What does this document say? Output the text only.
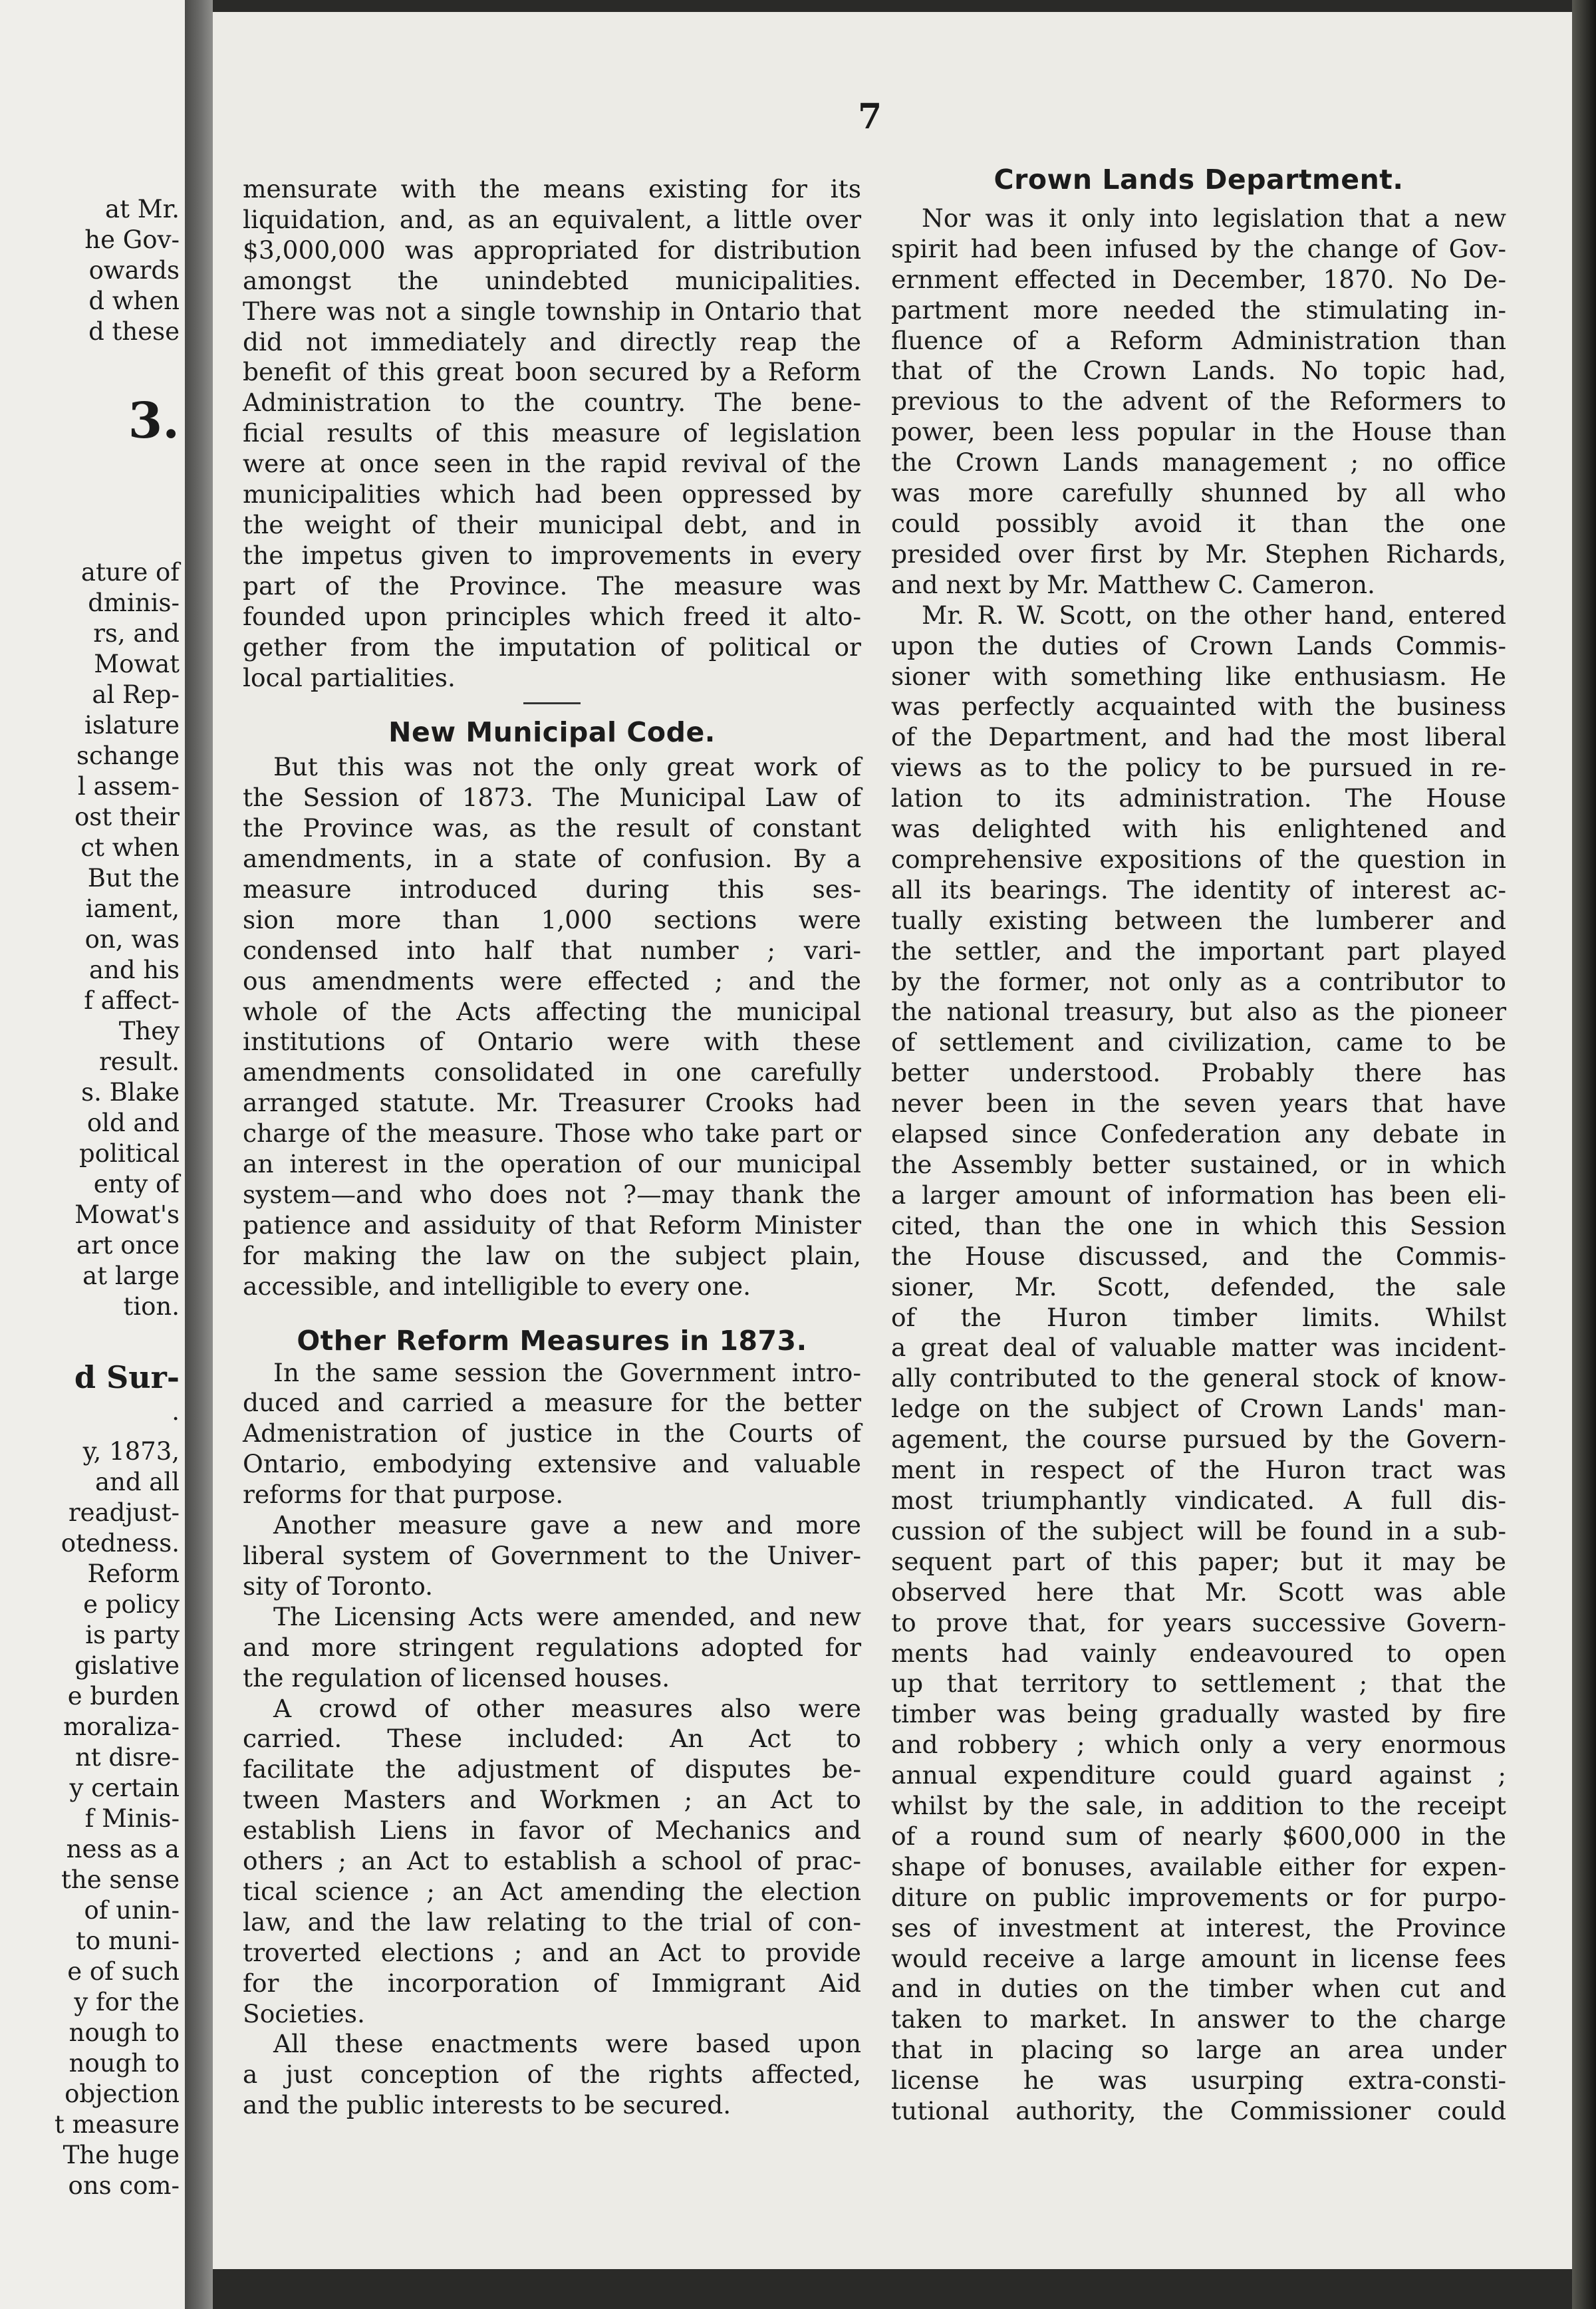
at Mr.
he Gov-
owards
d when
d these
3.
ature of
dminis-
rs, and
Mowat
al Rep-
islature
schange
l assem-
ost their
ct when
But the
iament,
on, was
and his
f affect-
They
result.
s. Blake
old and
political
enty of
Mowat's
art once
at large
tion.
d Sur-
.
y, 1873,
and all
readjust-
otedness.
Reform
e policy
is party
gislative
e burden
moraliza-
nt disre-
y certain
f Minis-
ness as a
the sense
of unin-
to muni-
e of such
y for the
nough to
nough to
objection
t measure
The huge
ons com-
7
mensurate with the means existing for its
liquidation, and, as an equivalent, a little over
$3,000,000 was appropriated for distribution
amongst the unindebted municipalities.
There was not a single township in Ontario that
did not immediately and directly reap the
benefit of this great boon secured by a Reform
Administration to the country. The bene-
ficial results of this measure of legislation
were at once seen in the rapid revival of the
municipalities which had been oppressed by
the weight of their municipal debt, and in
the impetus given to improvements in every
part of the Province. The measure was
founded upon principles which freed it alto-
gether from the imputation of political or
local partialities.
New Municipal Code.
But this was not the only great work of
the Session of 1873. The Municipal Law of
the Province was, as the result of constant
amendments, in a state of confusion. By a
measure introduced during this ses-
sion more than 1,000 sections were
condensed into half that number ; vari-
ous amendments were effected ; and the
whole of the Acts affecting the municipal
institutions of Ontario were with these
amendments consolidated in one carefully
arranged statute. Mr. Treasurer Crooks had
charge of the measure. Those who take part or
an interest in the operation of our municipal
system—and who does not ?—may thank the
patience and assiduity of that Reform Minister
for making the law on the subject plain,
accessible, and intelligible to every one.
Other Reform Measures in 1873.
In the same session the Government intro-
duced and carried a measure for the better
Admenistration of justice in the Courts of
Ontario, embodying extensive and valuable
reforms for that purpose.
Another measure gave a new and more
liberal system of Government to the Univer-
sity of Toronto.
The Licensing Acts were amended, and new
and more stringent regulations adopted for
the regulation of licensed houses.
A crowd of other measures also were
carried. These included: An Act to
facilitate the adjustment of disputes be-
tween Masters and Workmen ; an Act to
establish Liens in favor of Mechanics and
others ; an Act to establish a school of prac-
tical science ; an Act amending the election
law, and the law relating to the trial of con-
troverted elections ; and an Act to provide
for the incorporation of Immigrant Aid
Societies.
All these enactments were based upon
a just conception of the rights affected,
and the public interests to be secured.
Crown Lands Department.
Nor was it only into legislation that a new
spirit had been infused by the change of Gov-
ernment effected in December, 1870. No De-
partment more needed the stimulating in-
fluence of a Reform Administration than
that of the Crown Lands. No topic had,
previous to the advent of the Reformers to
power, been less popular in the House than
the Crown Lands management ; no office
was more carefully shunned by all who
could possibly avoid it than the one
presided over first by Mr. Stephen Richards,
and next by Mr. Matthew C. Cameron.
Mr. R. W. Scott, on the other hand, entered
upon the duties of Crown Lands Commis-
sioner with something like enthusiasm. He
was perfectly acquainted with the business
of the Department, and had the most liberal
views as to the policy to be pursued in re-
lation to its administration. The House
was delighted with his enlightened and
comprehensive expositions of the question in
all its bearings. The identity of interest ac-
tually existing between the lumberer and
the settler, and the important part played
by the former, not only as a contributor to
the national treasury, but also as the pioneer
of settlement and civilization, came to be
better understood. Probably there has
never been in the seven years that have
elapsed since Confederation any debate in
the Assembly better sustained, or in which
a larger amount of information has been eli-
cited, than the one in which this Session
the House discussed, and the Commis-
sioner, Mr. Scott, defended, the sale
of the Huron timber limits. Whilst
a great deal of valuable matter was incident-
ally contributed to the general stock of know-
ledge on the subject of Crown Lands' man-
agement, the course pursued by the Govern-
ment in respect of the Huron tract was
most triumphantly vindicated. A full dis-
cussion of the subject will be found in a sub-
sequent part of this paper; but it may be
observed here that Mr. Scott was able
to prove that, for years successive Govern-
ments had vainly endeavoured to open
up that territory to settlement ; that the
timber was being gradually wasted by fire
and robbery ; which only a very enormous
annual expenditure could guard against ;
whilst by the sale, in addition to the receipt
of a round sum of nearly $600,000 in the
shape of bonuses, available either for expen-
diture on public improvements or for purpo-
ses of investment at interest, the Province
would receive a large amount in license fees
and in duties on the timber when cut and
taken to market. In answer to the charge
that in placing so large an area under
license he was usurping extra-consti-
tutional authority, the Commissioner could
